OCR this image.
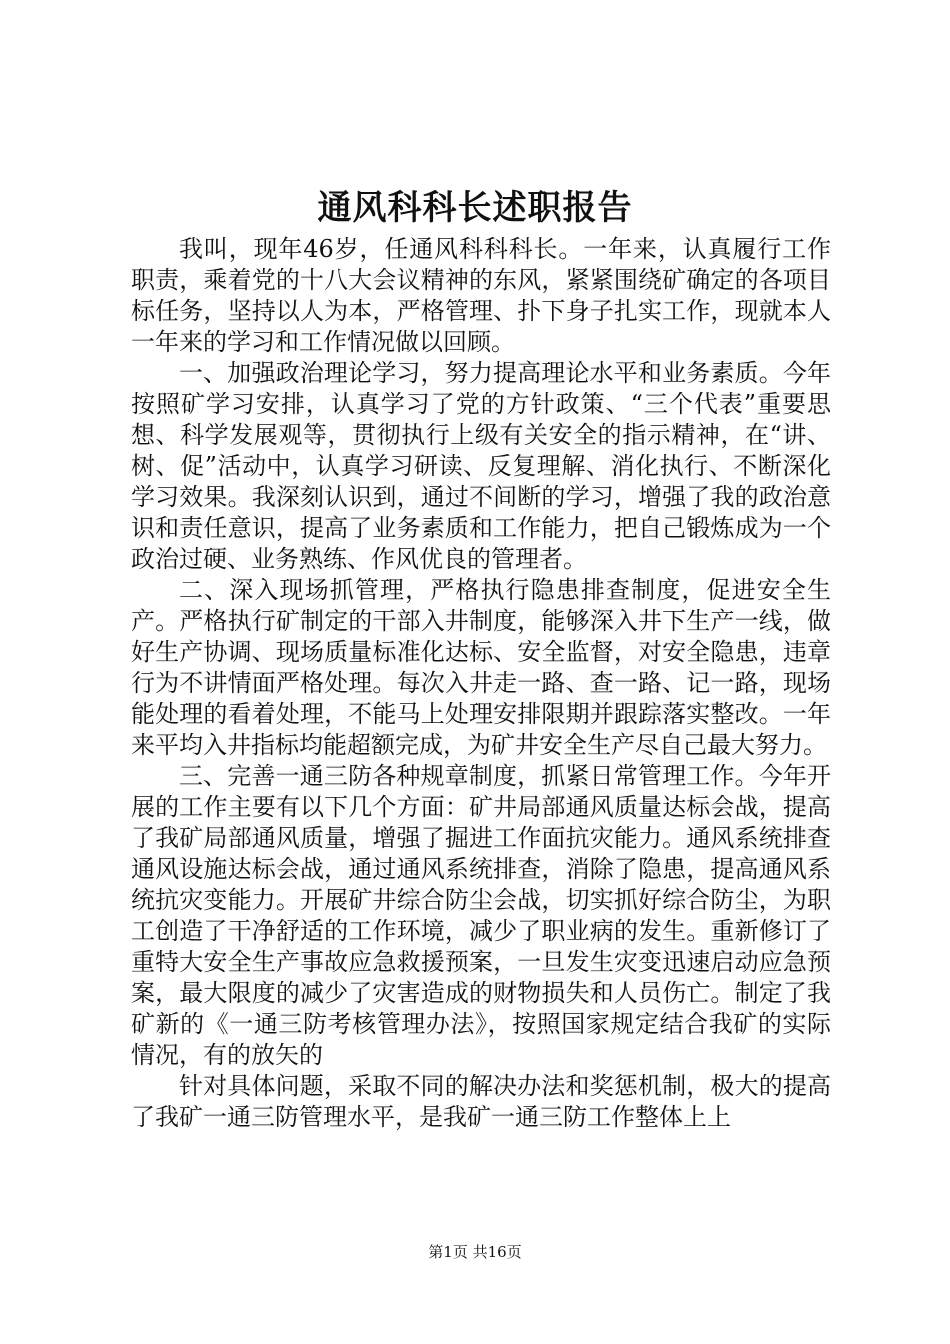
通风科科长述职报告

我叫，现年46岁，任通风科科科长。一年来，认真履行工作职责，乘着党的十八大会议精神的东风，紧紧围绕矿确定的各项目标任务，坚持以人为本，严格管理、扑下身子扎实工作，现就本人一年来的学习和工作情况做以回顾。

一、加强政治理论学习，努力提高理论水平和业务素质。今年按照矿学习安排，认真学习了党的方针政策、“三个代表”重要思想、科学发展观等，贯彻执行上级有关安全的指示精神，在“讲、树、促”活动中，认真学习研读、反复理解、消化执行、不断深化学习效果。我深刻认识到，通过不间断的学习，增强了我的政治意识和责任意识，提高了业务素质和工作能力，把自己锻炼成为一个政治过硬、业务熟练、作风优良的管理者。

二、深入现场抓管理，严格执行隐患排查制度，促进安全生产。严格执行矿制定的干部入井制度，能够深入井下生产一线，做好生产协调、现场质量标准化达标、安全监督，对安全隐患，违章行为不讲情面严格处理。每次入井走一路、查一路、记一路，现场能处理的看着处理，不能马上处理安排限期并跟踪落实整改。一年来平均入井指标均能超额完成，为矿井安全生产尽自己最大努力。

三、完善一通三防各种规章制度，抓紧日常管理工作。今年开展的工作主要有以下几个方面：矿井局部通风质量达标会战，提高了我矿局部通风质量，增强了掘进工作面抗灾能力。通风系统排查通风设施达标会战，通过通风系统排查，消除了隐患，提高通风系统抗灾变能力。开展矿井综合防尘会战，切实抓好综合防尘，为职工创造了干净舒适的工作环境，减少了职业病的发生。重新修订了重特大安全生产事故应急救援预案，一旦发生灾变迅速启动应急预案，最大限度的减少了灾害造成的财物损失和人员伤亡。制定了我矿新的《一通三防考核管理办法》，按照国家规定结合我矿的实际情况，有的放矢的

针对具体问题，采取不同的解决办法和奖惩机制，极大的提高了我矿一通三防管理水平，是我矿一通三防工作整体上上

第1页 共16页
